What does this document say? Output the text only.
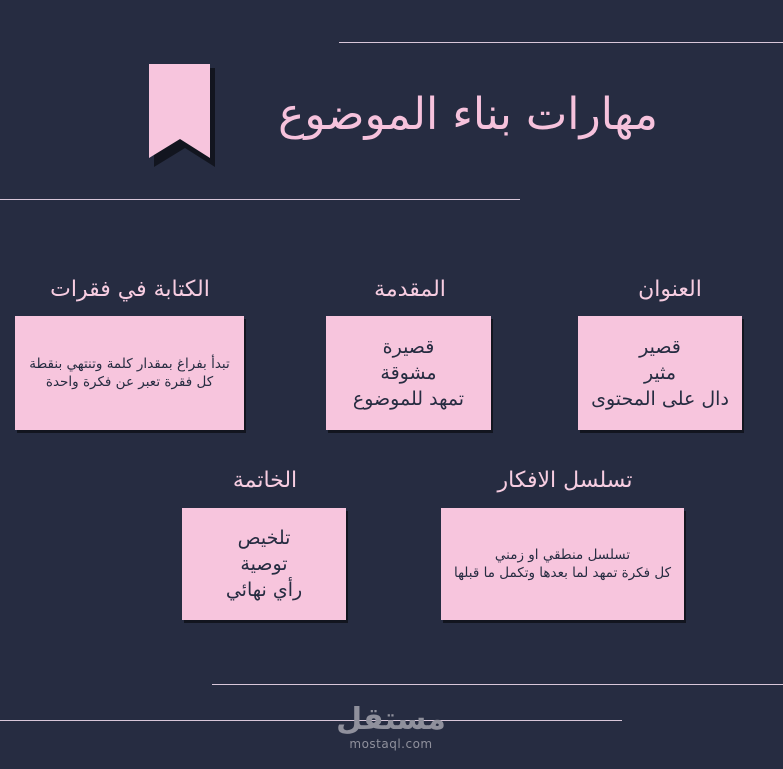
مهارات بناء الموضوع
العنوان
المقدمة
الكتابة في فقرات
تسلسل الافكار
الخاتمة
قصير
مثير
دال على المحتوى
قصيرة
مشوقة
تمهد للموضوع
تبدأ بفراغ بمقدار كلمة وتنتهي بنقطة
كل فقرة تعبر عن فكرة واحدة
تسلسل منطقي او زمني
كل فكرة تمهد لما بعدها وتكمل ما قبلها
تلخيص
توصية
رأي نهائي
مستقل
mostaql.com
